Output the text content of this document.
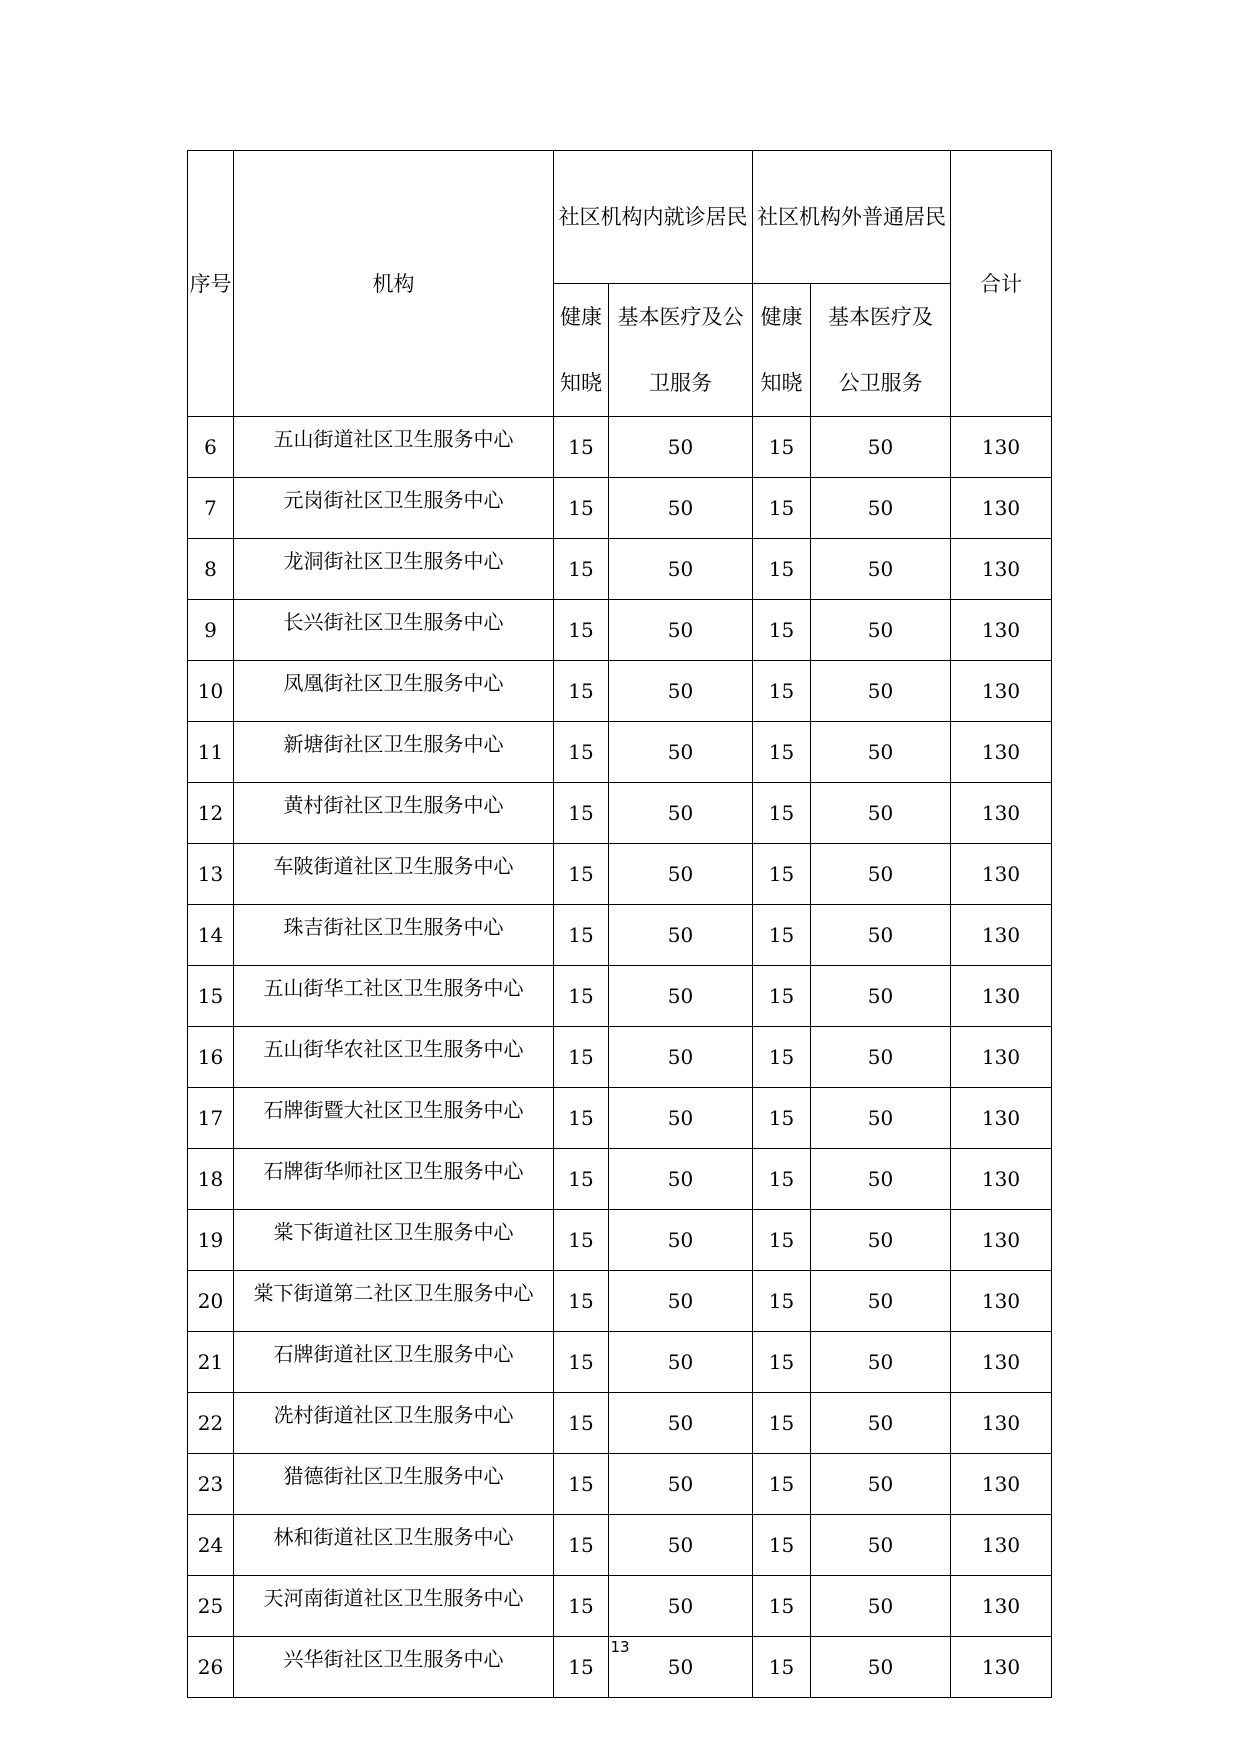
序号	机构	社区机构内就诊居民		社区机构外普通居民		合计

		健康知晓	基本医疗及公卫服务	健康知晓	基本医疗及公卫服务	

6	五山街道社区卫生服务中心	15	50	15	50	130
7	元岗街社区卫生服务中心	15	50	15	50	130
8	龙洞街社区卫生服务中心	15	50	15	50	130
9	长兴街社区卫生服务中心	15	50	15	50	130
10	凤凰街社区卫生服务中心	15	50	15	50	130
11	新塘街社区卫生服务中心	15	50	15	50	130
12	黄村街社区卫生服务中心	15	50	15	50	130
13	车陂街道社区卫生服务中心	15	50	15	50	130
14	珠吉街社区卫生服务中心	15	50	15	50	130
15	五山街华工社区卫生服务中心	15	50	15	50	130
16	五山街华农社区卫生服务中心	15	50	15	50	130
17	石牌街暨大社区卫生服务中心	15	50	15	50	130
18	石牌街华师社区卫生服务中心	15	50	15	50	130
19	棠下街道社区卫生服务中心	15	50	15	50	130
20	棠下街道第二社区卫生服务中心	15	50	15	50	130
21	石牌街道社区卫生服务中心	15	50	15	50	130
22	冼村街道社区卫生服务中心	15	50	15	50	130
23	猎德街社区卫生服务中心	15	50	15	50	130
24	林和街道社区卫生服务中心	15	50	15	50	130
25	天河南街道社区卫生服务中心	15	50	15	50	130
26	兴华街社区卫生服务中心	15	50	15	50	130
13
